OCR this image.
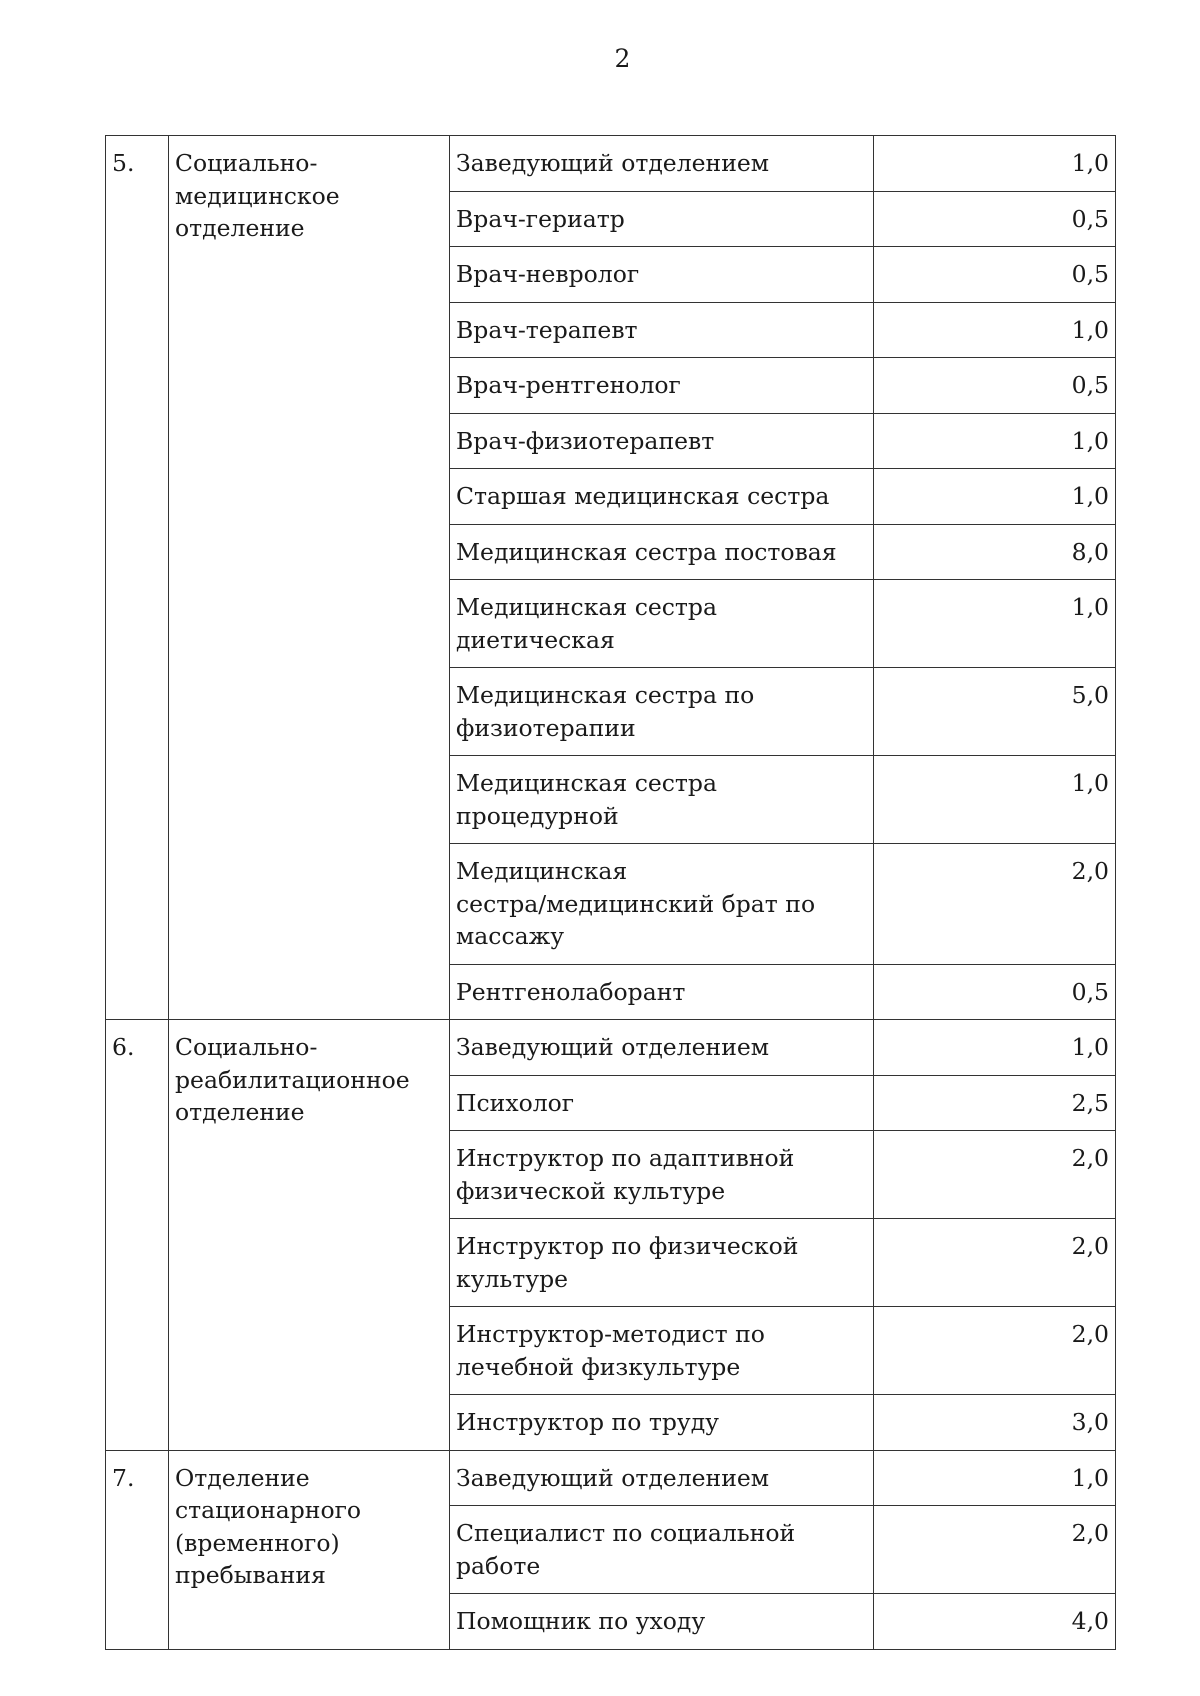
2
5.	Социально-
медицинское
отделение	Заведующий отделением	1,0
		Врач-гериатр	0,5
		Врач-невролог	0,5
		Врач-терапевт	1,0
		Врач-рентгенолог	0,5
		Врач-физиотерапевт	1,0
		Старшая медицинская сестра	1,0
		Медицинская сестра постовая	8,0
		Медицинская сестра диетическая	1,0
		Медицинская сестра по
физиотерапии	5,0
		Медицинская сестра
процедурной	1,0
		Медицинская
сестра/медицинский брат по
массажу	2,0
		Рентгенолаборант	0,5
6.	Социально-
реабилитационное
отделение	Заведующий отделением	1,0
		Психолог	2,5
		Инструктор по адаптивной
физической культуре	2,0
		Инструктор по физической
культуре	2,0
		Инструктор-методист по
лечебной физкультуре	2,0
		Инструктор по труду	3,0
7.	Отделение
стационарного
(временного)
пребывания	Заведующий отделением	1,0
		Специалист по социальной
работе	2,0
		Помощник по уходу	4,0
